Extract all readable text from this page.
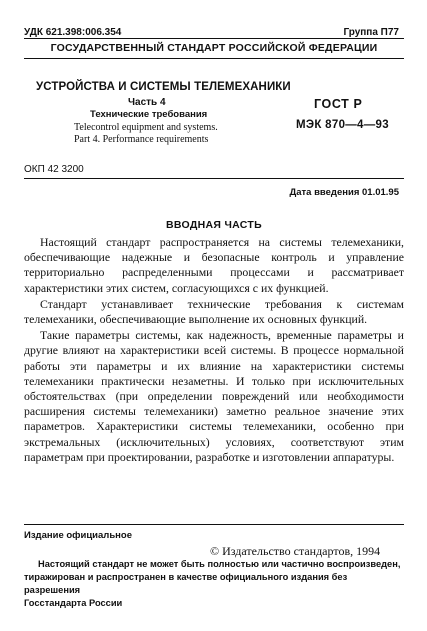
УДК 621.398:006.354	Группа П77
ГОСУДАРСТВЕННЫЙ СТАНДАРТ РОССИЙСКОЙ ФЕДЕРАЦИИ
УСТРОЙСТВА И СИСТЕМЫ ТЕЛЕМЕХАНИКИ
Часть 4
Технические требования
Telecontrol equipment and systems.
Part 4. Performance requirements
ГОСТ Р
МЭК 870—4—93
ОКП 42 3200
Дата введения 01.01.95
ВВОДНАЯ ЧАСТЬ

Настоящий стандарт распространяется на системы телемеханики, обеспечивающие надежные и безопасные контроль и управление территориально распределенными процессами и рассматривает характеристики этих систем, согласующихся с их функцией.

Стандарт устанавливает технические требования к системам телемеханики, обеспечивающие выполнение их основных функций.

Такие параметры системы, как надежность, временные параметры и другие влияют на характеристики всей системы. В процессе нормальной работы эти параметры и их влияние на характеристики системы телемеханики практически незаметны. И только при исключительных обстоятельствах (при определении повреждений или необходимости расширения системы телемеханики) заметно реальное значение этих параметров. Характеристики системы телемеханики, особенно при экстремальных (исключительных) условиях, соответствуют этим параметрам при проектировании, разработке и изготовлении аппаратуры.

Издание официальное
© Издательство стандартов, 1994
Настоящий стандарт не может быть полностью или частично воспроизведен,
тиражирован и распространен в качестве официального издания без разрешения
Госстандарта России
